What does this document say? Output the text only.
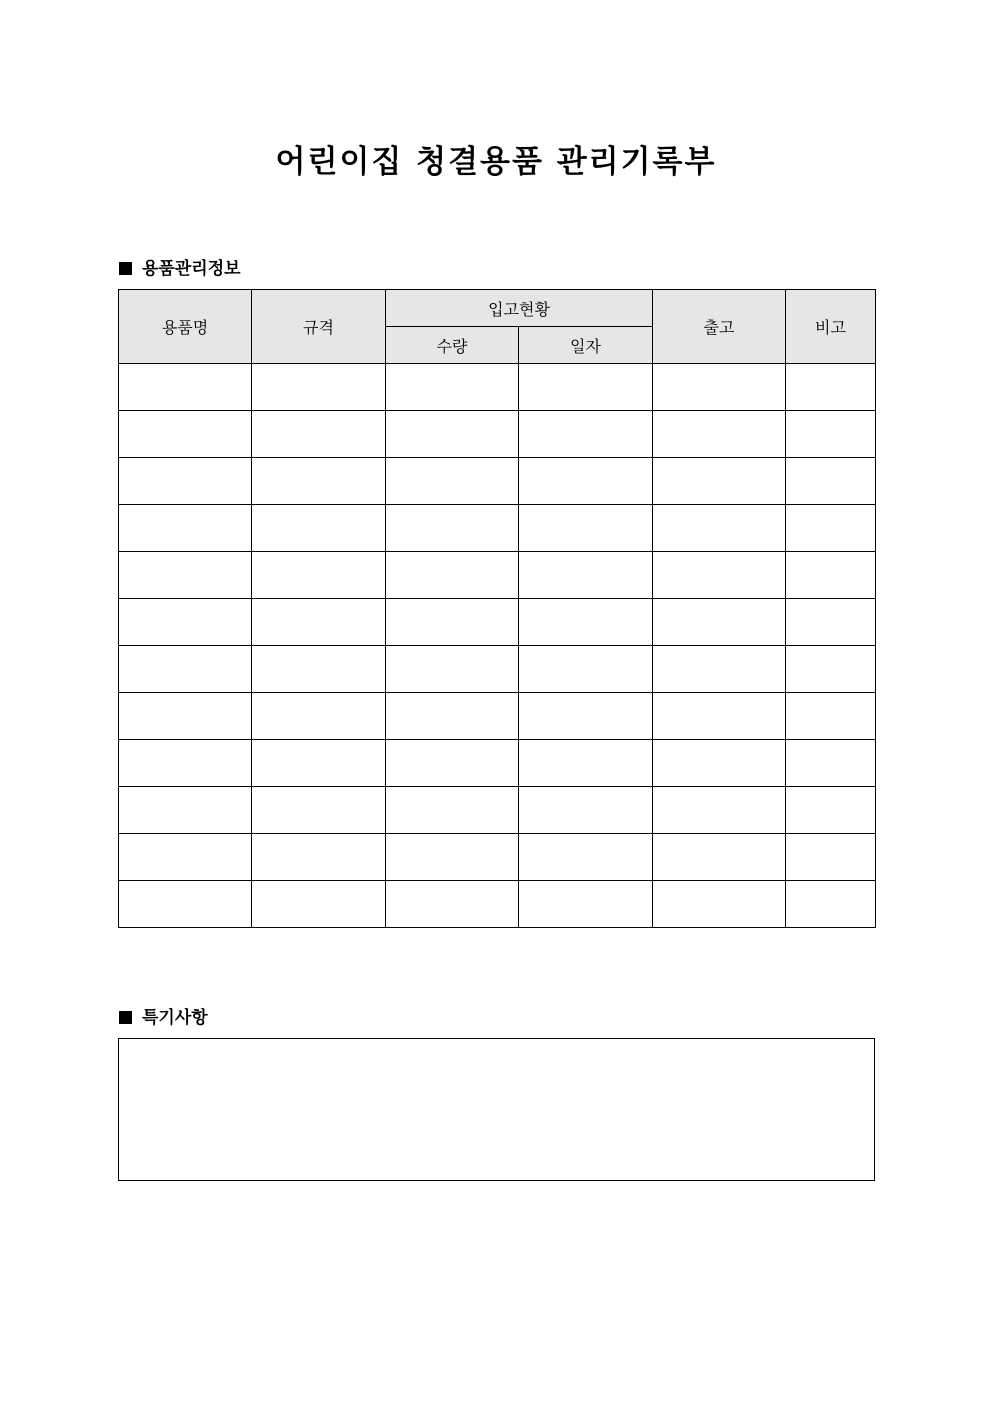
어린이집 청결용품 관리기록부
용품관리정보
용품명	규격	입고현황		출고	비고
		수량	일자		

특기사항
